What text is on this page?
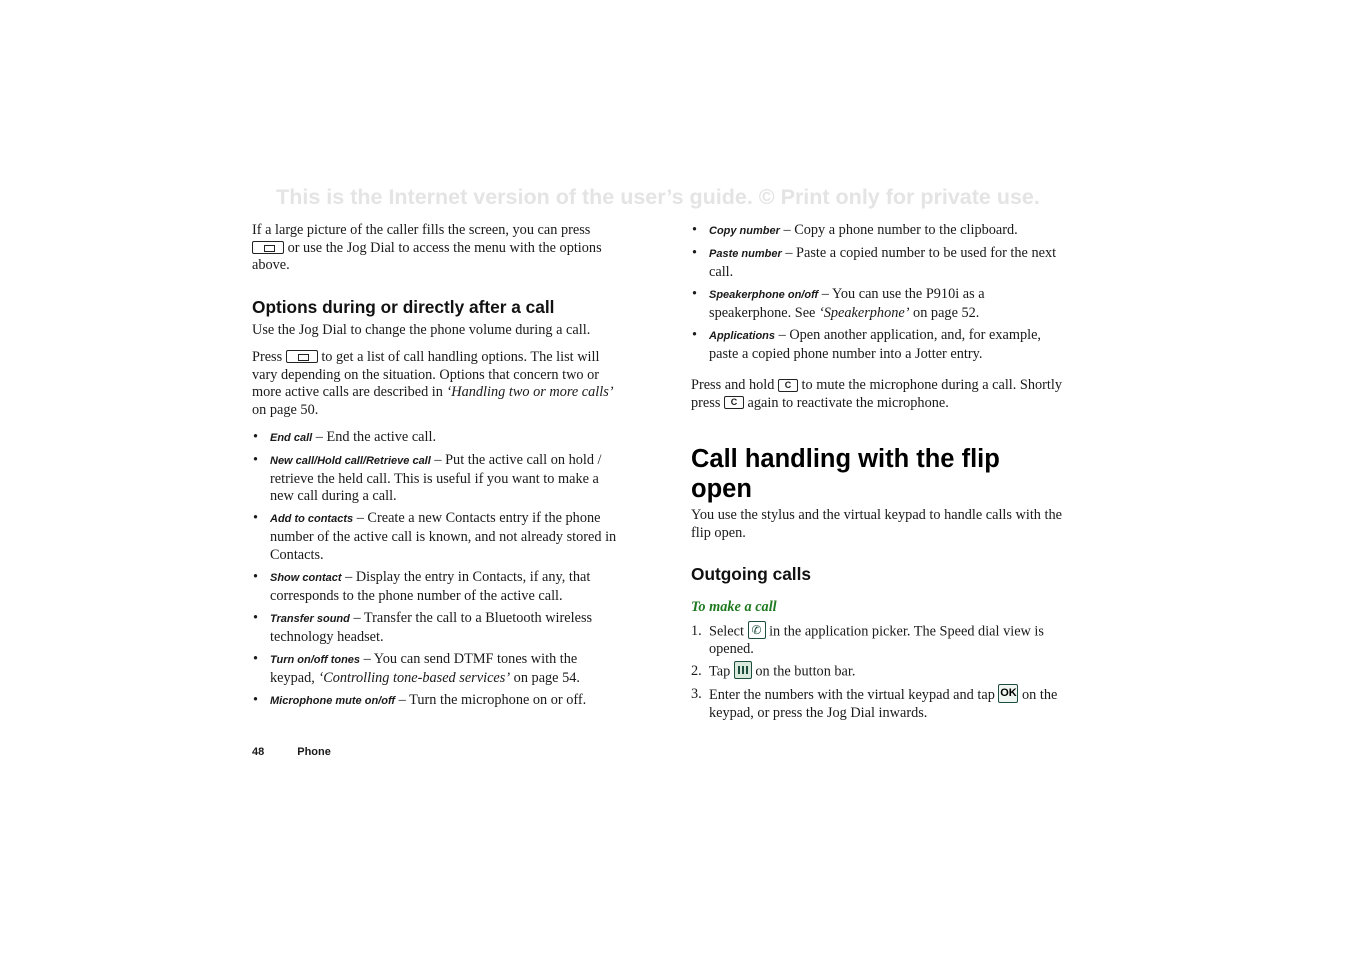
This is the Internet version of the user’s guide. © Print only for private use.

If a large picture of the caller fills the screen, you can press
or use the Jog Dial to access the menu with the options above.

Options during or directly after a call

Use the Jog Dial to change the phone volume during a call.

Press  to get a list of call handling options. The list will vary depending on the situation. Options that concern two or more active calls are described in ‘Handling two or more calls’ on page 50.

• End call – End the active call.
• New call/Hold call/Retrieve call – Put the active call on hold / retrieve the held call. This is useful if you want to make a new call during a call.
• Add to contacts – Create a new Contacts entry if the phone number of the active call is known, and not already stored in Contacts.
• Show contact – Display the entry in Contacts, if any, that corresponds to the phone number of the active call.
• Transfer sound – Transfer the call to a Bluetooth wireless technology headset.
• Turn on/off tones – You can send DTMF tones with the keypad, ‘Controlling tone-based services’ on page 54.
• Microphone mute on/off – Turn the microphone on or off.
• Copy number – Copy a phone number to the clipboard.
• Paste number – Paste a copied number to be used for the next call.
• Speakerphone on/off – You can use the P910i as a speakerphone. See ‘Speakerphone’ on page 52.
• Applications – Open another application, and, for example, paste a copied phone number into a Jotter entry.

Press and hold C to mute the microphone during a call. Shortly press C again to reactivate the microphone.

Call handling with the flip open

You use the stylus and the virtual keypad to handle calls with the flip open.

Outgoing calls

To make a call

1. Select ✆ in the application picker. The Speed dial view is opened.
2. Tap
on the button bar.
3. Enter the numbers with the virtual keypad and tap OK on the keypad, or press the Jog Dial inwards.
48	Phone
